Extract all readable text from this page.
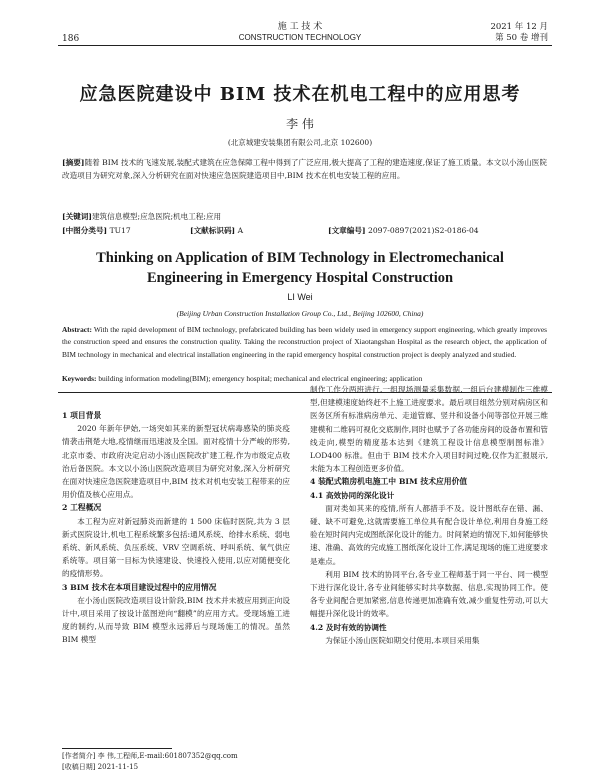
186
施 工 技 术
CONSTRUCTION TECHNOLOGY
2021 年 12 月
第 50 卷 增刊
应急医院建设中 BIM 技术在机电工程中的应用思考
李 伟
(北京城建安装集团有限公司,北京 102600)
[摘要]随着 BIM 技术的飞速发展,装配式建筑在应急保障工程中得到了广泛应用,极大提高了工程的建造速度,保证了施工质量。本文以小汤山医院改造项目为研究对象,深入分析研究在面对快速应急医院建造项目中,BIM 技术在机电安装工程的应用。
[关键词]建筑信息模型;应急医院;机电工程;应用
[中图分类号] TU17	[文献标识码] A	[文章编号] 2097-0897(2021)S2-0186-04
Thinking on Application of BIM Technology in Electromechanical
Engineering in Emergency Hospital Construction
LI Wei
(Beijing Urban Construction Installation Group Co., Ltd., Beijing 102600, China)
Abstract: With the rapid development of BIM technology, prefabricated building has been widely used in emergency support engineering, which greatly improves the construction speed and ensures the construction quality. Taking the reconstruction project of Xiaotangshan Hospital as the research object, the application of BIM technology in mechanical and electrical installation engineering in the rapid emergency hospital construction project is deeply analyzed and studied.
Keywords: building information modeling(BIM); emergency hospital; mechanical and electrical engineering; application
1 项目背景

2020 年新年伊始,一场突如其来的新型冠状病毒感染的肺炎疫情袭击荆楚大地,疫情继而迅速波及全国。面对疫情十分严峻的形势,北京市委、市政府决定启动小汤山医院改扩建工程,作为市级定点收治后备医院。本文以小汤山医院改造项目为研究对象,深入分析研究在面对快速应急医院建造项目中,BIM 技术对机电安装工程带来的应用价值及核心应用点。

2 工程概况

本工程为应对新冠肺炎而新建的 1 500 床临时医院,共为 3 层新式医院设计,机电工程系统繁多包括:通风系统、给排水系统、弱电系统、新风系统、负压系统、VRV 空调系统、呼叫系统、氧气供应系统等。项目第一目标为快速建设、快速投入使用,以应对随便变化的疫情形势。

3 BIM 技术在本项目建设过程中的应用情况

在小汤山医院改造项目设计阶段,BIM 技术并未被应用到正向设计中,项目采用了按设计蓝图逆向“翻模”的应用方式。受现场施工进度的制约,从而导致 BIM 模型永远滞后与现场施工的情况。虽然 BIM 模型

制作工作分两班进行,一组现场测量采集数据,一组后台建模制作三维模型,但建模速度始终赶不上施工进度要求。最后项目组然分别对病房区和医务区所有标准病房单元、走道管廊、竖井和设备小间等部位开展三维建模和二维码可视化交底制作,同时也赋予了各功能房间的设备布置和管线走向,模型的精度基本达到《建筑工程设计信息模型制图标准》LOD400 标准。但由于 BIM 技术介入项目时间过晚,仅作为汇报展示,未能为本工程创造更多价值。

4 装配式箱房机电施工中 BIM 技术应用价值
4.1 高效协同的深化设计

面对类如其来的疫情,所有人都措手不及。设计图纸存在错、漏、碰、缺不可避免,这就需要施工单位具有配合设计单位,利用自身施工经验在短时间内完成图纸深化设计的能力。时间紧迫的情况下,如何能够快速、准确、高效的完成施工图纸深化设计工作,满足现场的施工进度要求是难点。

利用 BIM 技术的协同平台,各专业工程师基于同一平台、同一模型下进行深化设计,各专业间能够实时共享数据、信息,实现协同工作。使各专业间配合更加紧密,信息传递更加准确有效,减少重复性劳动,可以大幅提升深化设计的效率。

4.2 及时有效的协调性

为保证小汤山医院如期交付使用,本项目采用集

[作者简介] 李 伟,工程师,E-mail:601807352@qq.com
[收稿日期] 2021-11-15
